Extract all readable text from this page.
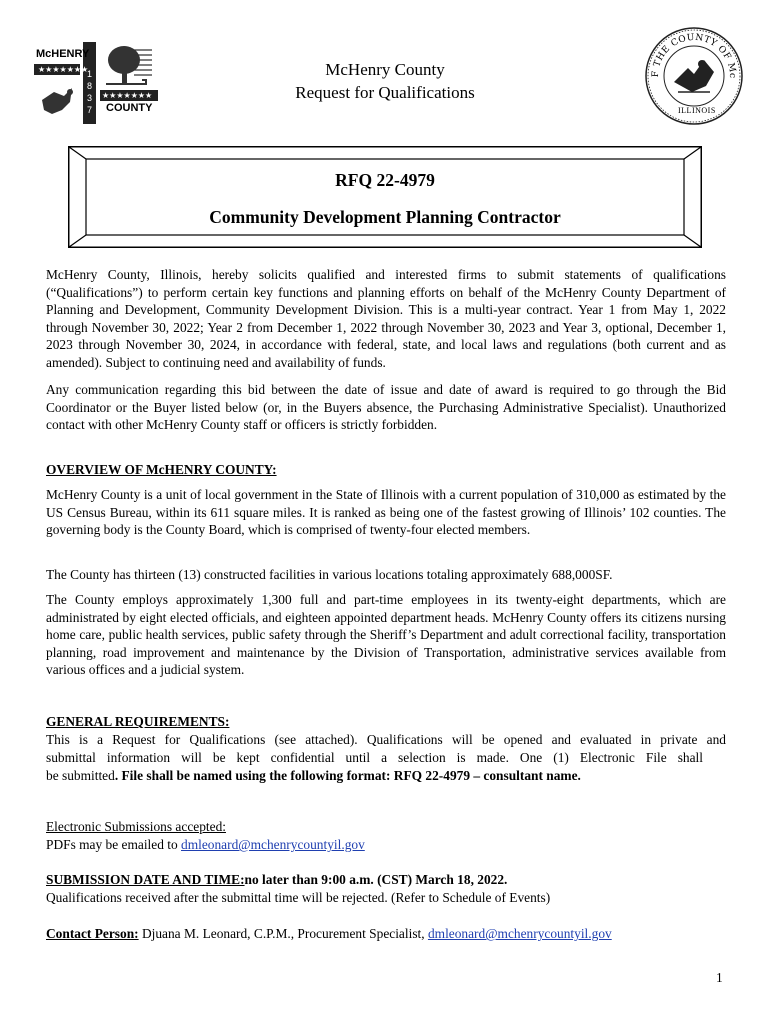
★★★★★★★
★★★★★★★
McHENRY
COUNTY
1
8
3
7
F THE COUNTY OF Mc
ILLINOIS
McHenry County
Request for Qualifications
RFQ 22-4979
Community Development Planning Contractor
McHenry County, Illinois, hereby solicits qualified and interested firms to submit statements of qualifications (“Qualifications”) to perform certain key functions and planning efforts on behalf of the McHenry County Department of Planning and Development, Community Development Division. This is a multi-year contract. Year 1 from May 1, 2022 through November 30, 2022; Year 2 from December 1, 2022 through November 30, 2023 and Year 3, optional, December 1, 2023 through November 30, 2024, in accordance with federal, state, and local laws and regulations (both current and as amended). Subject to continuing need and availability of funds.
Any communication regarding this bid between the date of issue and date of award is required to go through the Bid Coordinator or the Buyer listed below (or, in the Buyers absence, the Purchasing Administrative Specialist). Unauthorized contact with other McHenry County staff or officers is strictly forbidden.
OVERVIEW OF McHENRY COUNTY:
McHenry County is a unit of local government in the State of Illinois with a current population of 310,000 as estimated by the US Census Bureau, within its 611 square miles. It is ranked as being one of the fastest growing of Illinois’ 102 counties. The governing body is the County Board, which is comprised of twenty-four elected members.
The County has thirteen (13) constructed facilities in various locations totaling approximately 688,000SF.
The County employs approximately 1,300 full and part-time employees in its twenty-eight departments, which are administrated by eight elected officials, and eighteen appointed department heads. McHenry County offers its citizens nursing home care, public health services, public safety through the Sheriff’s Department and adult correctional facility, transportation planning, road improvement and maintenance by the Division of Transportation, administrative services available from various offices and a judicial system.
GENERAL REQUIREMENTS:
This is a Request for Qualifications (see attached). Qualifications will be opened and evaluated in private and
submittal information will be kept confidential until a selection is made. One (1) Electronic File shall
be submitted. File shall be named using the following format: RFQ 22-4979 – consultant name.
Electronic Submissions accepted:
PDFs may be emailed to dmleonard@mchenrycountyil.gov
SUBMISSION DATE AND TIME:no later than 9:00 a.m. (CST) March 18, 2022.
Qualifications received after the submittal time will be rejected. (Refer to Schedule of Events)
Contact Person: Djuana M. Leonard, C.P.M., Procurement Specialist, dmleonard@mchenrycountyil.gov
1
